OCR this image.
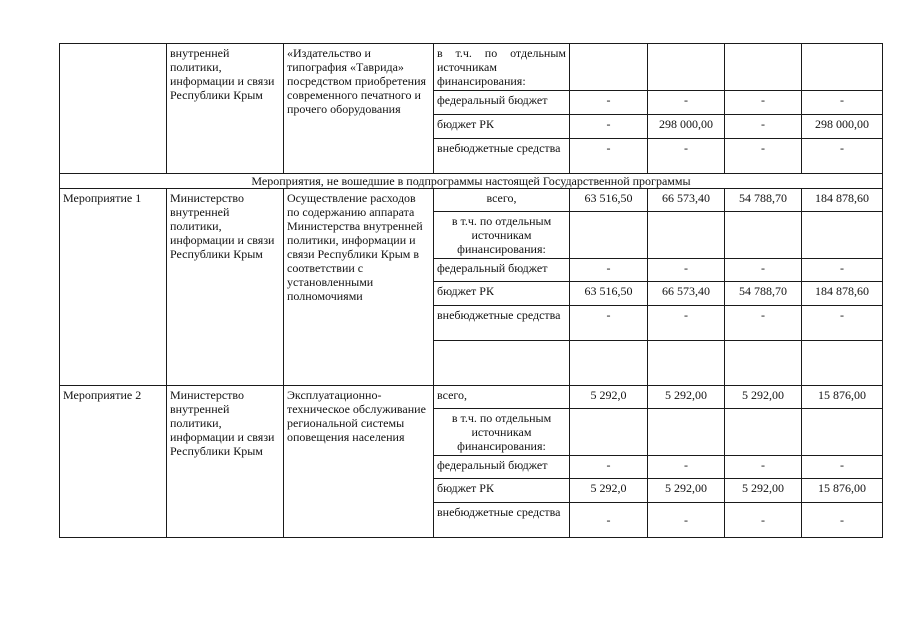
	внутренней политики, информации и связи Республики Крым	«Издательство и типография «Таврида» посредством приобретения современного печатного и прочего оборудования	в т.ч. по отдельным источникам финансирования:				
			федеральный бюджет	-	-	-	-
			бюджет РК	-	298 000,00	-	298 000,00
			внебюджетные средства	-	-	-	-
Мероприятия, не вошедшие в подпрограммы настоящей Государственной программы							
Мероприятие 1	Министерство внутренней политики, информации и связи Республики Крым	Осуществление расходов по содержанию аппарата Министерства внутренней политики, информации и связи Республики Крым в соответствии с установленными полномочиями	всего,	63 516,50	66 573,40	54 788,70	184 878,60
			в т.ч. по отдельным источникам финансирования:				
			федеральный бюджет	-	-	-	-
			бюджет РК	63 516,50	66 573,40	54 788,70	184 878,60
			внебюджетные средства	-	-	-	-

Мероприятие 2	Министерство внутренней политики, информации и связи Республики Крым	Эксплуатационно-техническое обслуживание региональной системы оповещения населения	всего,	5 292,0	5 292,00	5 292,00	15 876,00
			в т.ч. по отдельным источникам финансирования:				
			федеральный бюджет	-	-	-	-
			бюджет РК	5 292,0	5 292,00	5 292,00	15 876,00
			внебюджетные средства	-	-	-	-
